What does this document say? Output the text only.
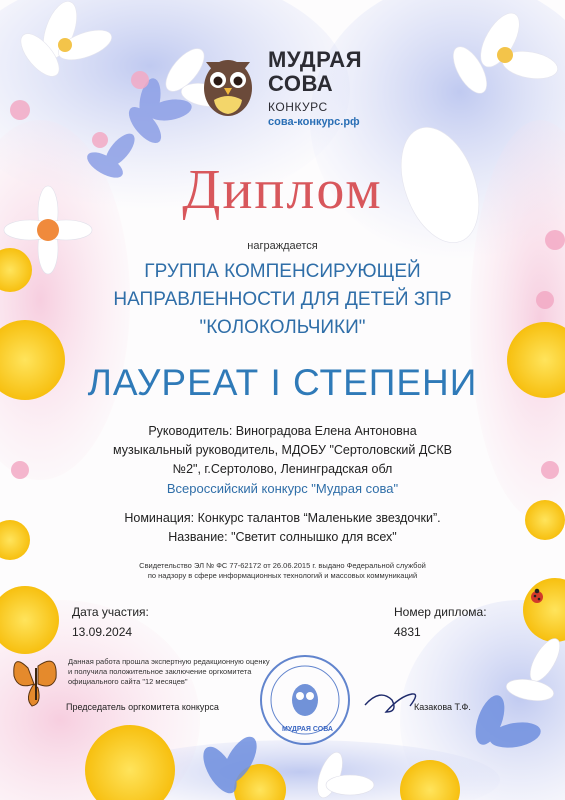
МУДРАЯ
СОВА
КОНКУРС
сова-конкурс.рф
Диплом
награждается
ГРУППА КОМПЕНСИРУЮЩЕЙ
НАПРАВЛЕННОСТИ ДЛЯ ДЕТЕЙ ЗПР
"КОЛОКОЛЬЧИКИ"
ЛАУРЕАТ I СТЕПЕНИ
Руководитель: Виноградова Елена Антоновна
музыкальный руководитель, МДОБУ "Сертоловский ДСКВ
№2", г.Сертолово, Ленинградская обл
Всероссийский конкурс "Мудрая сова"
Номинация: Конкурс талантов “Маленькие звездочки”.
Название: "Светит солнышко для всех"
Свидетельство ЭЛ № ФС 77-62172 от 26.06.2015 г. выдано Федеральной службой
по надзору в сфере информационных технологий и массовых коммуникаций
Дата участия:
13.09.2024
Номер диплома:
4831
Данная работа прошла экспертную редакционную оценку
и получила положительное заключение оргкомитета
официального сайта "12 месяцев"
Председатель оргкомитета конкурса	Казакова Т.Ф.
МУДРАЯ СОВА
